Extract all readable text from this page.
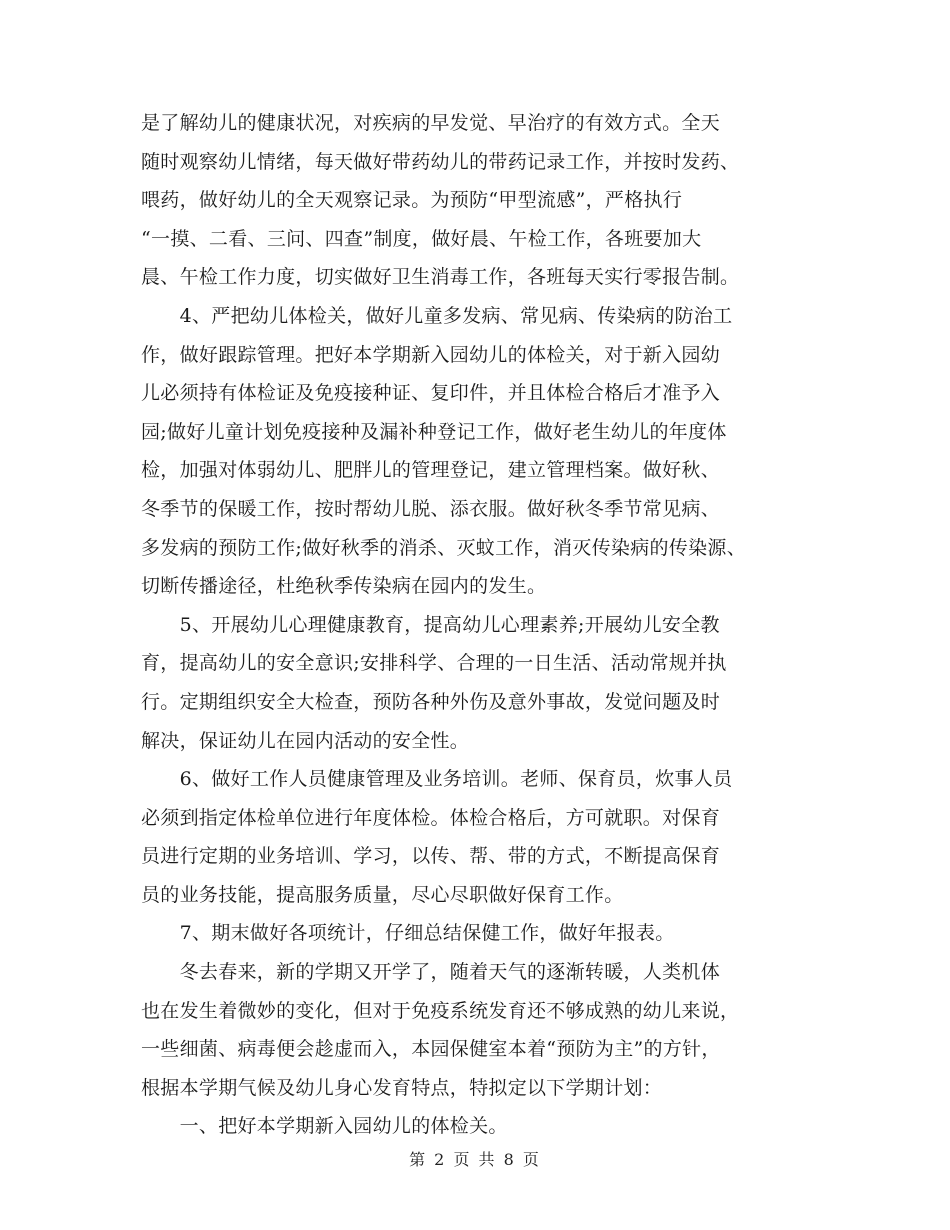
是了解幼儿的健康状况，对疾病的早发觉、早治疗的有效方式。全天
随时观察幼儿情绪，每天做好带药幼儿的带药记录工作，并按时发药、
喂药，做好幼儿的全天观察记录。为预防“甲型流感”，严格执行
“一摸、二看、三问、四查”制度，做好晨、午检工作，各班要加大
晨、午检工作力度，切实做好卫生消毒工作，各班每天实行零报告制。
　　4、严把幼儿体检关，做好儿童多发病、常见病、传染病的防治工
作，做好跟踪管理。把好本学期新入园幼儿的体检关，对于新入园幼
儿必须持有体检证及免疫接种证、复印件，并且体检合格后才准予入
园;做好儿童计划免疫接种及漏补种登记工作，做好老生幼儿的年度体
检，加强对体弱幼儿、肥胖儿的管理登记，建立管理档案。做好秋、
冬季节的保暖工作，按时帮幼儿脱、添衣服。做好秋冬季节常见病、
多发病的预防工作;做好秋季的消杀、灭蚊工作，消灭传染病的传染源、
切断传播途径，杜绝秋季传染病在园内的发生。
　　5、开展幼儿心理健康教育，提高幼儿心理素养;开展幼儿安全教
育，提高幼儿的安全意识;安排科学、合理的一日生活、活动常规并执
行。定期组织安全大检查，预防各种外伤及意外事故，发觉问题及时
解决，保证幼儿在园内活动的安全性。
　　6、做好工作人员健康管理及业务培训。老师、保育员，炊事人员
必须到指定体检单位进行年度体检。体检合格后，方可就职。对保育
员进行定期的业务培训、学习，以传、帮、带的方式，不断提高保育
员的业务技能，提高服务质量，尽心尽职做好保育工作。
　　7、期末做好各项统计，仔细总结保健工作，做好年报表。
　　冬去春来，新的学期又开学了，随着天气的逐渐转暖，人类机体
也在发生着微妙的变化，但对于免疫系统发育还不够成熟的幼儿来说，
一些细菌、病毒便会趁虚而入，本园保健室本着“预防为主”的方针，
根据本学期气候及幼儿身心发育特点，特拟定以下学期计划：
　　一、把好本学期新入园幼儿的体检关。
第 2 页 共 8 页
